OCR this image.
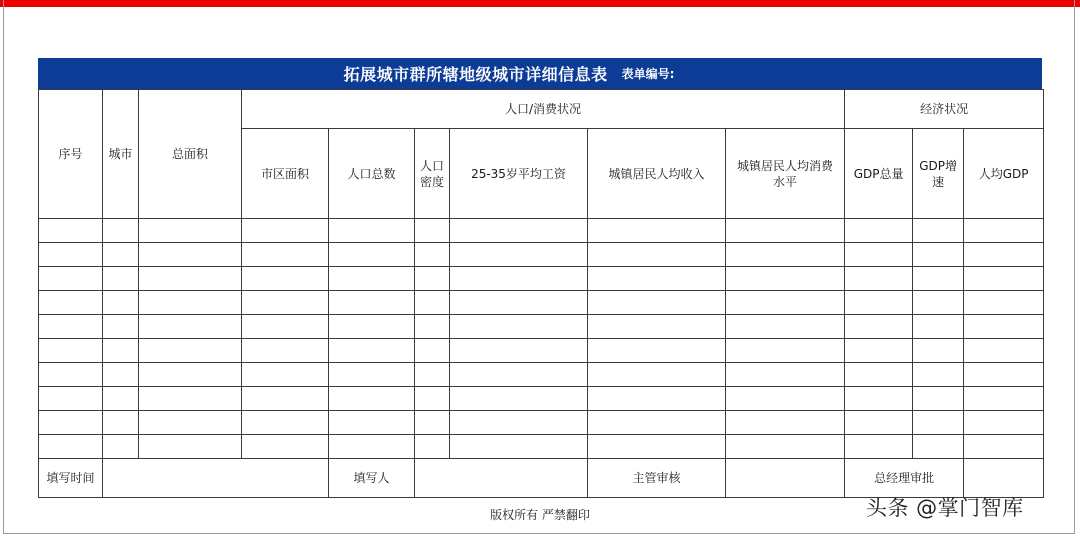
拓展城市群所辖地级城市详细信息表 表单编号:
序号	城市	总面积	人口/消费状况						经济状况		
			市区面积	人口总数	人口密度	25-35岁平均工资	城镇居民人均收入	城镇居民人均消费水平	GDP总量	GDP增速	人均GDP

填写时间				填写人			主管审核		总经理审批		
版权所有 严禁翻印	头条 @掌门智库
